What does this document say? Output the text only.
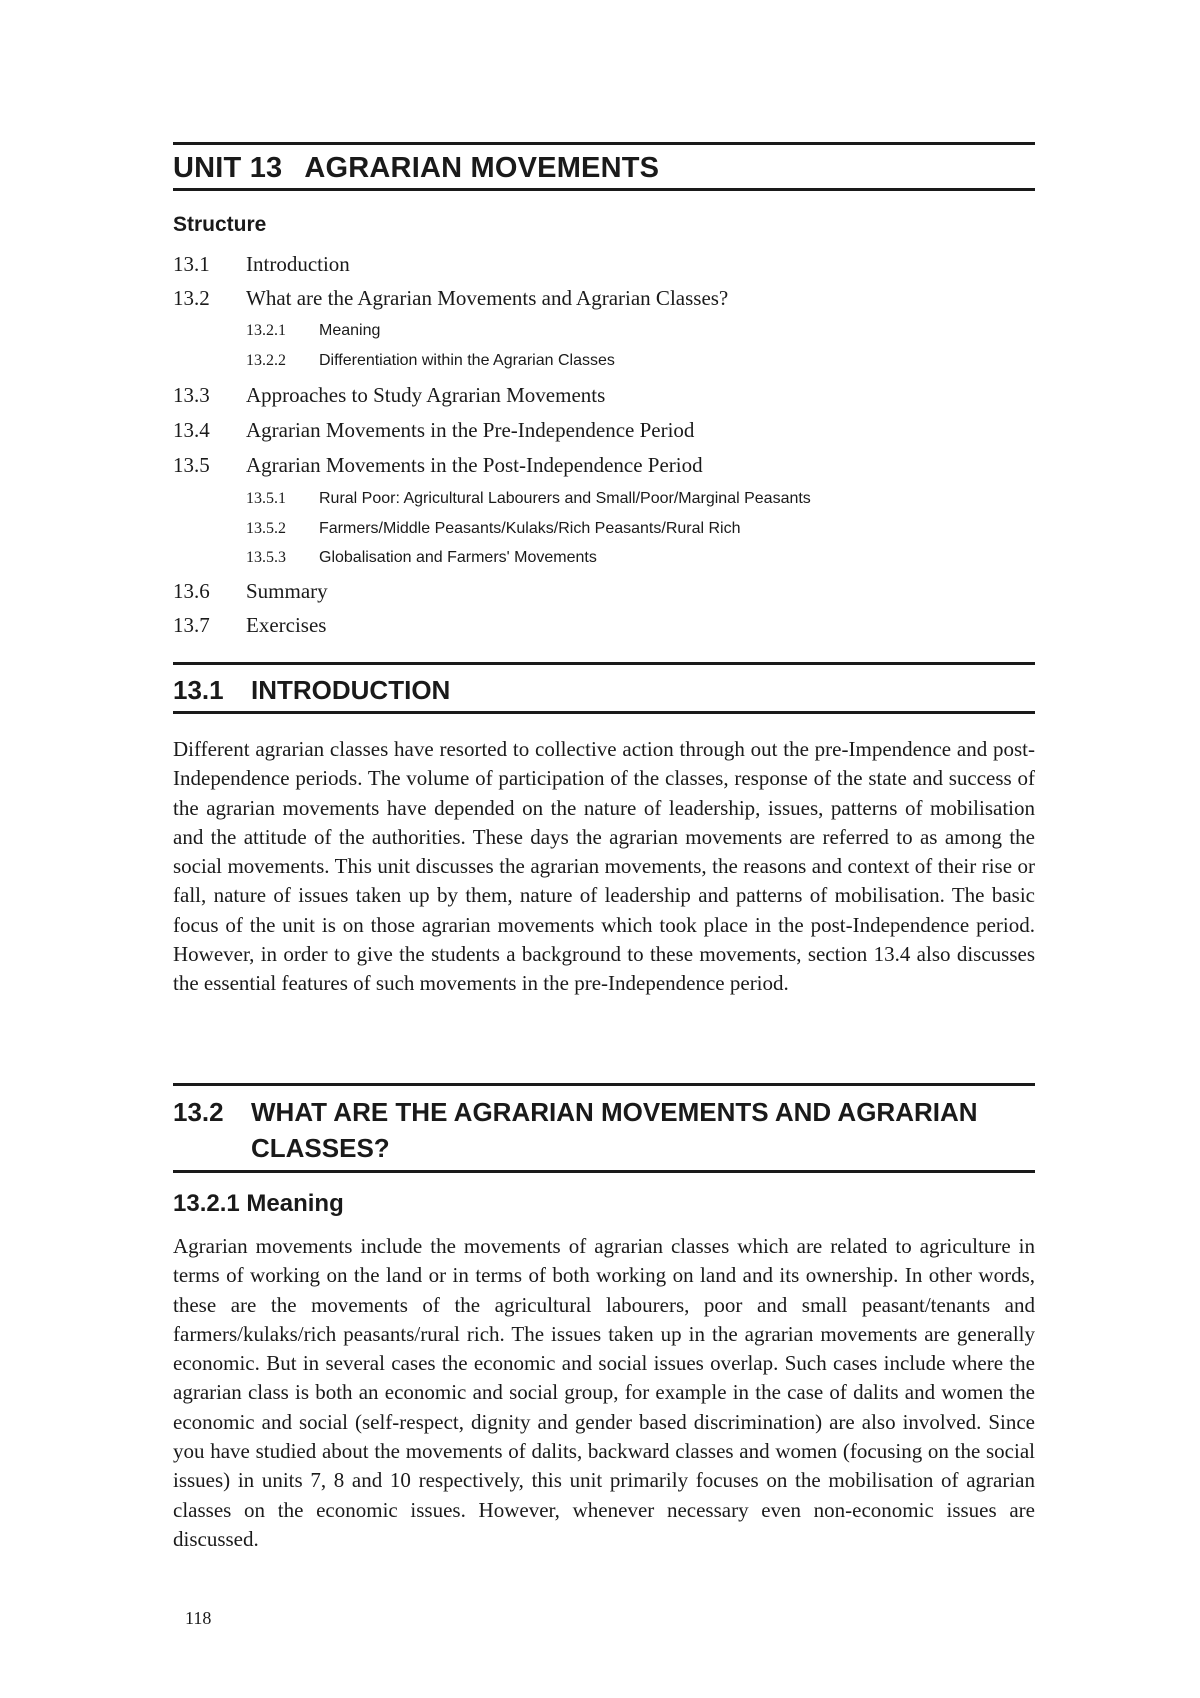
UNIT 13 AGRARIAN MOVEMENTS
Structure
13.1	Introduction
13.2	What are the Agrarian Movements and Agrarian Classes?
13.2.1 Meaning
13.2.2 Differentiation within the Agrarian Classes
13.3	Approaches to Study Agrarian Movements
13.4	Agrarian Movements in the Pre-Independence Period
13.5	Agrarian Movements in the Post-Independence Period
13.5.1 Rural Poor: Agricultural Labourers and Small/Poor/Marginal Peasants
13.5.2 Farmers/Middle Peasants/Kulaks/Rich Peasants/Rural Rich
13.5.3 Globalisation and Farmers' Movements
13.6	Summary
13.7	Exercises
13.1 INTRODUCTION

Different agrarian classes have resorted to collective action through out the pre-Impendence and post-Independence periods. The volume of participation of the classes, response of the state and success of the agrarian movements have depended on the nature of leadership, issues, patterns of mobilisation and the attitude of the authorities. These days the agrarian movements are referred to as among the social movements. This unit discusses the agrarian movements, the reasons and context of their rise or fall, nature of issues taken up by them, nature of leadership and patterns of mobilisation. The basic focus of the unit is on those agrarian movements which took place in the post-Independence period. However, in order to give the students a background to these movements, section 13.4 also discusses the essential features of such movements in the pre-Independence period.

13.2 WHAT ARE THE AGRARIAN MOVEMENTS AND AGRARIAN
CLASSES?
13.2.1 Meaning

Agrarian movements include the movements of agrarian classes which are related to agriculture in terms of working on the land or in terms of both working on land and its ownership. In other words, these are the movements of the agricultural labourers, poor and small peasant/tenants and farmers/kulaks/rich peasants/rural rich. The issues taken up in the agrarian movements are generally economic. But in several cases the economic and social issues overlap. Such cases include where the agrarian class is both an economic and social group, for example in the case of dalits and women the economic and social (self-respect, dignity and gender based discrimination) are also involved. Since you have studied about the movements of dalits, backward classes and women (focusing on the social issues) in units 7, 8 and 10 respectively, this unit primarily focuses on the mobilisation of agrarian classes on the economic issues. However, whenever necessary even non-economic issues are discussed.

118
